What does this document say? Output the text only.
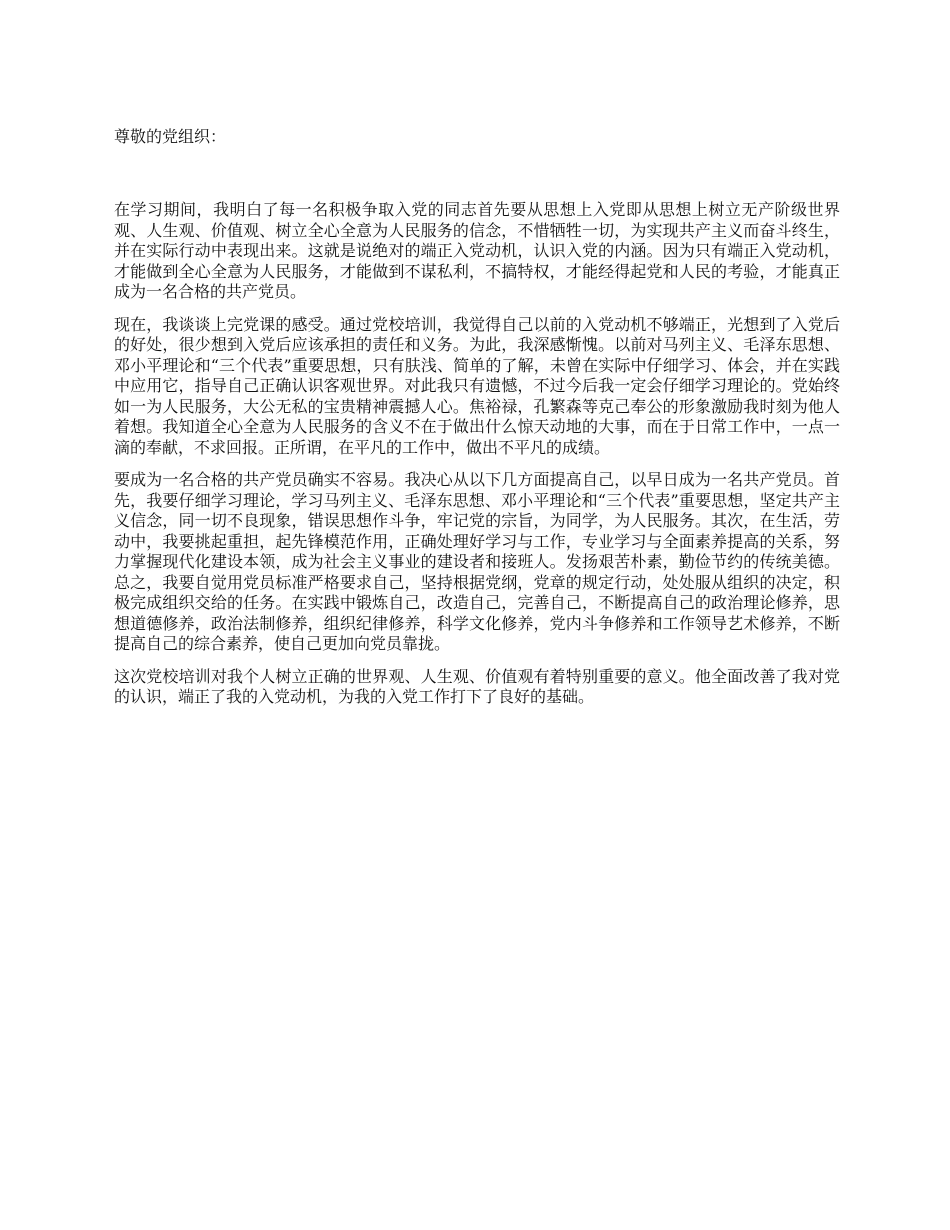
尊敬的党组织：

在学习期间，我明白了每一名积极争取入党的同志首先要从思想上入党即从思想上树立无产阶级世界观、人生观、价值观、树立全心全意为人民服务的信念，不惜牺牲一切，为实现共产主义而奋斗终生，并在实际行动中表现出来。这就是说绝对的端正入党动机，认识入党的内涵。因为只有端正入党动机，才能做到全心全意为人民服务，才能做到不谋私利，不搞特权，才能经得起党和人民的考验，才能真正成为一名合格的共产党员。

现在，我谈谈上完党课的感受。通过党校培训，我觉得自己以前的入党动机不够端正，光想到了入党后的好处，很少想到入党后应该承担的责任和义务。为此，我深感惭愧。以前对马列主义、毛泽东思想、邓小平理论和“三个代表”重要思想，只有肤浅、简单的了解，未曾在实际中仔细学习、体会，并在实践中应用它，指导自己正确认识客观世界。对此我只有遗憾，不过今后我一定会仔细学习理论的。党始终如一为人民服务，大公无私的宝贵精神震撼人心。焦裕禄，孔繁森等克己奉公的形象激励我时刻为他人着想。我知道全心全意为人民服务的含义不在于做出什么惊天动地的大事，而在于日常工作中，一点一滴的奉献，不求回报。正所谓，在平凡的工作中，做出不平凡的成绩。

要成为一名合格的共产党员确实不容易。我决心从以下几方面提高自己，以早日成为一名共产党员。首先，我要仔细学习理论，学习马列主义、毛泽东思想、邓小平理论和“三个代表”重要思想，坚定共产主义信念，同一切不良现象，错误思想作斗争，牢记党的宗旨，为同学，为人民服务。其次，在生活，劳动中，我要挑起重担，起先锋模范作用，正确处理好学习与工作，专业学习与全面素养提高的关系，努力掌握现代化建设本领，成为社会主义事业的建设者和接班人。发扬艰苦朴素，勤俭节约的传统美德。总之，我要自觉用党员标准严格要求自己，坚持根据党纲，党章的规定行动，处处服从组织的决定，积极完成组织交给的任务。在实践中锻炼自己，改造自己，完善自己，不断提高自己的政治理论修养，思想道德修养，政治法制修养，组织纪律修养，科学文化修养，党内斗争修养和工作领导艺术修养，不断提高自己的综合素养，使自己更加向党员靠拢。

这次党校培训对我个人树立正确的世界观、人生观、价值观有着特别重要的意义。他全面改善了我对党的认识，端正了我的入党动机，为我的入党工作打下了良好的基础。
